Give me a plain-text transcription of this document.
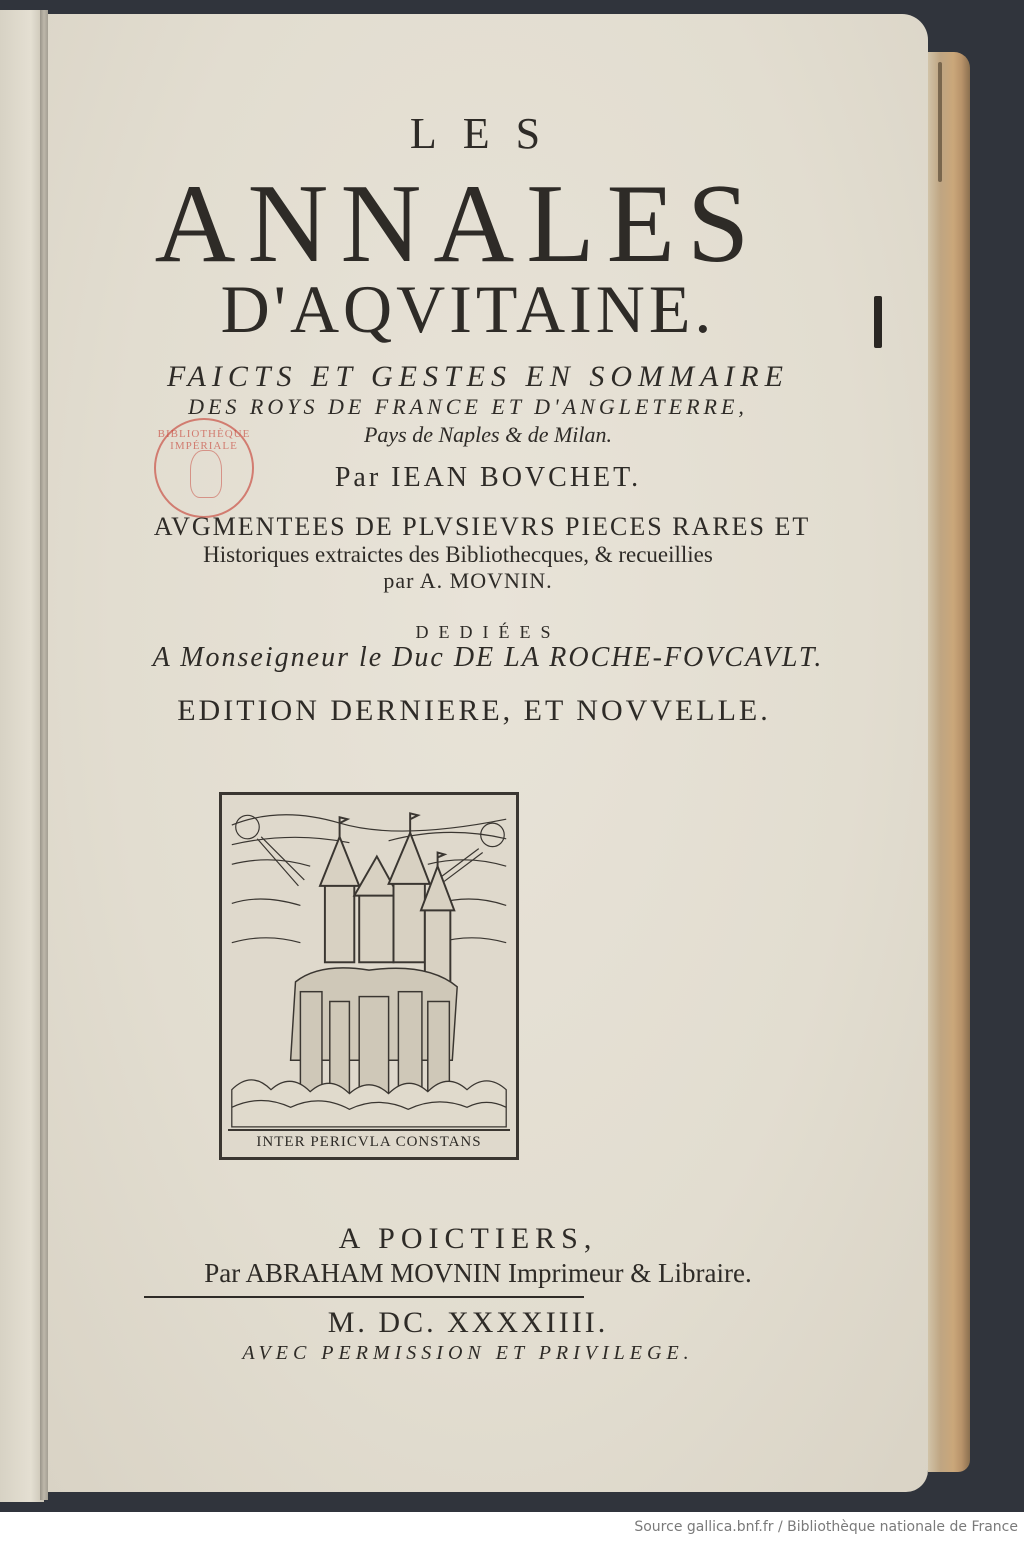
LES
ANNALES
D'AQVITAINE.
FAICTS ET GESTES EN SOMMAIRE
DES ROYS DE FRANCE ET D'ANGLETERRE,
Pays de Naples & de Milan.
BIBLIOTHÈQUE IMPÉRIALE
Par IEAN BOVCHET.
AVGMENTEES DE PLVSIEVRS PIECES RARES ET
Historiques extraictes des Bibliothecques, & recueillies
par A. MOVNIN.
DEDIÉES
A Monseigneur le Duc DE LA ROCHE-FOVCAVLT.
EDITION DERNIERE, ET NOVVELLE.
INTER PERICVLA CONSTANS
A POICTIERS,
Par ABRAHAM MOVNIN Imprimeur & Libraire.
M. DC. XXXXIIII.
AVEC PERMISSION ET PRIVILEGE.
Source gallica.bnf.fr / Bibliothèque nationale de France
